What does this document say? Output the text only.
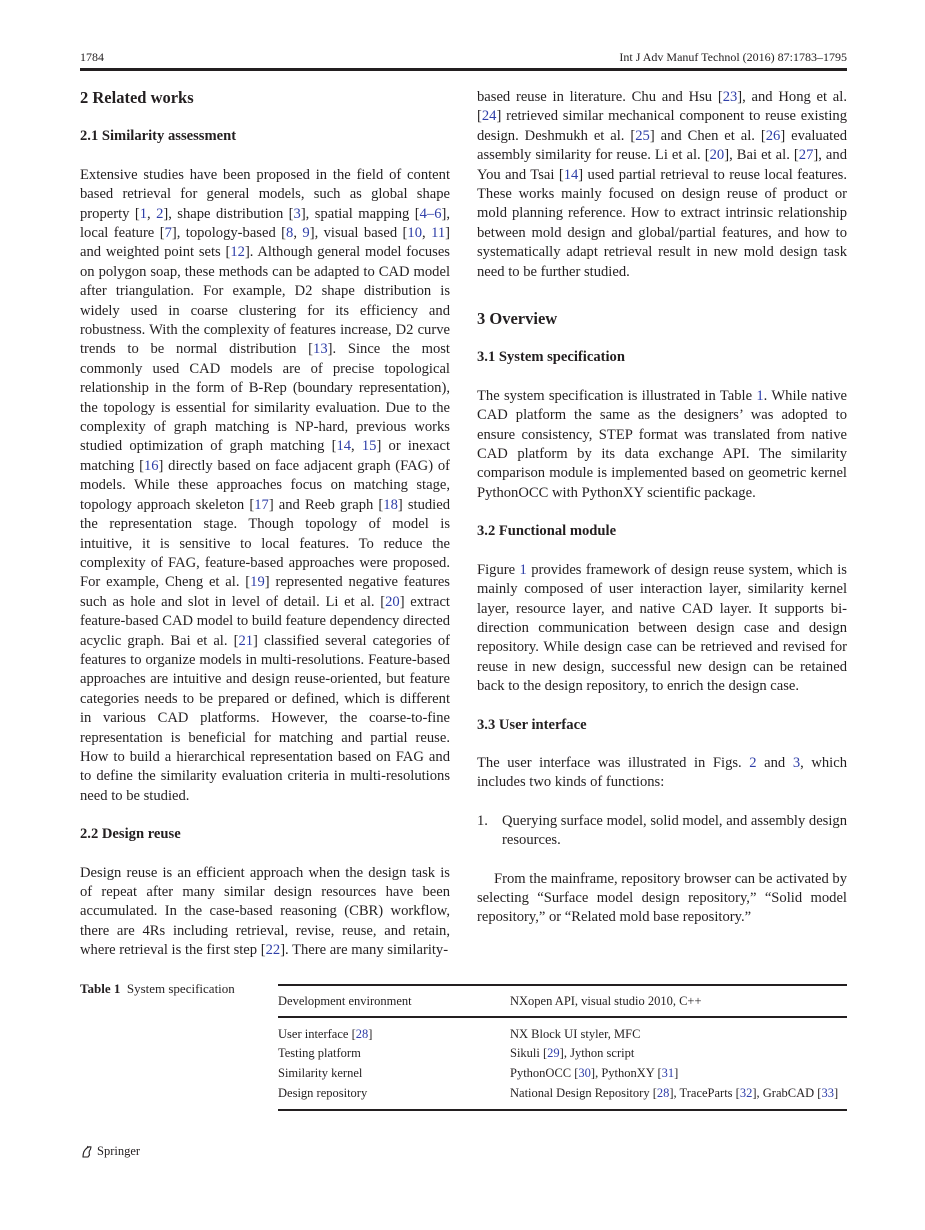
1784	Int J Adv Manuf Technol (2016) 87:1783–1795
2 Related works
2.1 Similarity assessment

Extensive studies have been proposed in the field of content based retrieval for general models, such as global shape property [1, 2], shape distribution [3], spatial mapping [4–6], local feature [7], topology-based [8, 9], visual based [10, 11] and weighted point sets [12]. Although general model focuses on polygon soap, these methods can be adapted to CAD model after triangulation. For example, D2 shape distribution is widely used in coarse clustering for its efficiency and robustness. With the complexity of features increase, D2 curve trends to be normal distribution [13]. Since the most commonly used CAD models are of precise topological relationship in the form of B-Rep (boundary representation), the topology is essential for similarity evaluation. Due to the complexity of graph matching is NP-hard, previous works studied optimization of graph matching [14, 15] or inexact matching [16] directly based on face adjacent graph (FAG) of models. While these approaches focus on matching stage, topology approach skeleton [17] and Reeb graph [18] studied the representation stage. Though topology of model is intuitive, it is sensitive to local features. To reduce the complexity of FAG, feature-based approaches were proposed. For example, Cheng et al. [19] represented negative features such as hole and slot in level of detail. Li et al. [20] extract feature-based CAD model to build feature dependency directed acyclic graph. Bai et al. [21] classified several categories of features to organize models in multi-resolutions. Feature-based approaches are intuitive and design reuse-oriented, but feature categories needs to be prepared or defined, which is different in various CAD platforms. However, the coarse-to-fine representation is beneficial for matching and partial reuse. How to build a hierarchical representation based on FAG and to define the similarity evaluation criteria in multi-resolutions need to be studied.

2.2 Design reuse

Design reuse is an efficient approach when the design task is of repeat after many similar design resources have been accumulated. In the case-based reasoning (CBR) workflow, there are 4Rs including retrieval, revise, reuse, and retain, where retrieval is the first step [22]. There are many similarity-

based reuse in literature. Chu and Hsu [23], and Hong et al. [24] retrieved similar mechanical component to reuse existing design. Deshmukh et al. [25] and Chen et al. [26] evaluated assembly similarity for reuse. Li et al. [20], Bai et al. [27], and You and Tsai [14] used partial retrieval to reuse local features. These works mainly focused on design reuse of product or mold planning reference. How to extract intrinsic relationship between mold design and global/partial features, and how to systematically adapt retrieval result in new mold design task need to be further studied.

3 Overview
3.1 System specification

The system specification is illustrated in Table 1. While native CAD platform the same as the designers’ was adopted to ensure consistency, STEP format was translated from native CAD platform by its data exchange API. The similarity comparison module is implemented based on geometric kernel PythonOCC with PythonXY scientific package.

3.2 Functional module

Figure 1 provides framework of design reuse system, which is mainly composed of user interaction layer, similarity kernel layer, resource layer, and native CAD layer. It supports bi-direction communication between design case and design repository. While design case can be retrieved and revised for reuse in new design, successful new design can be retained back to the design repository, to enrich the design case.

3.3 User interface

The user interface was illustrated in Figs. 2 and 3, which includes two kinds of functions:

1. Querying surface model, solid model, and assembly design resources.

From the mainframe, repository browser can be activated by selecting “Surface model design repository,” “Solid model repository,” or “Related mold base repository.”

Table 1 System specification
Development environment	NXopen API, visual studio 2010, C++
User interface [28]	NX Block UI styler, MFC
Testing platform	Sikuli [29], Jython script
Similarity kernel	PythonOCC [30], PythonXY [31]
Design repository	National Design Repository [28], TraceParts [32], GrabCAD [33]
Springer
